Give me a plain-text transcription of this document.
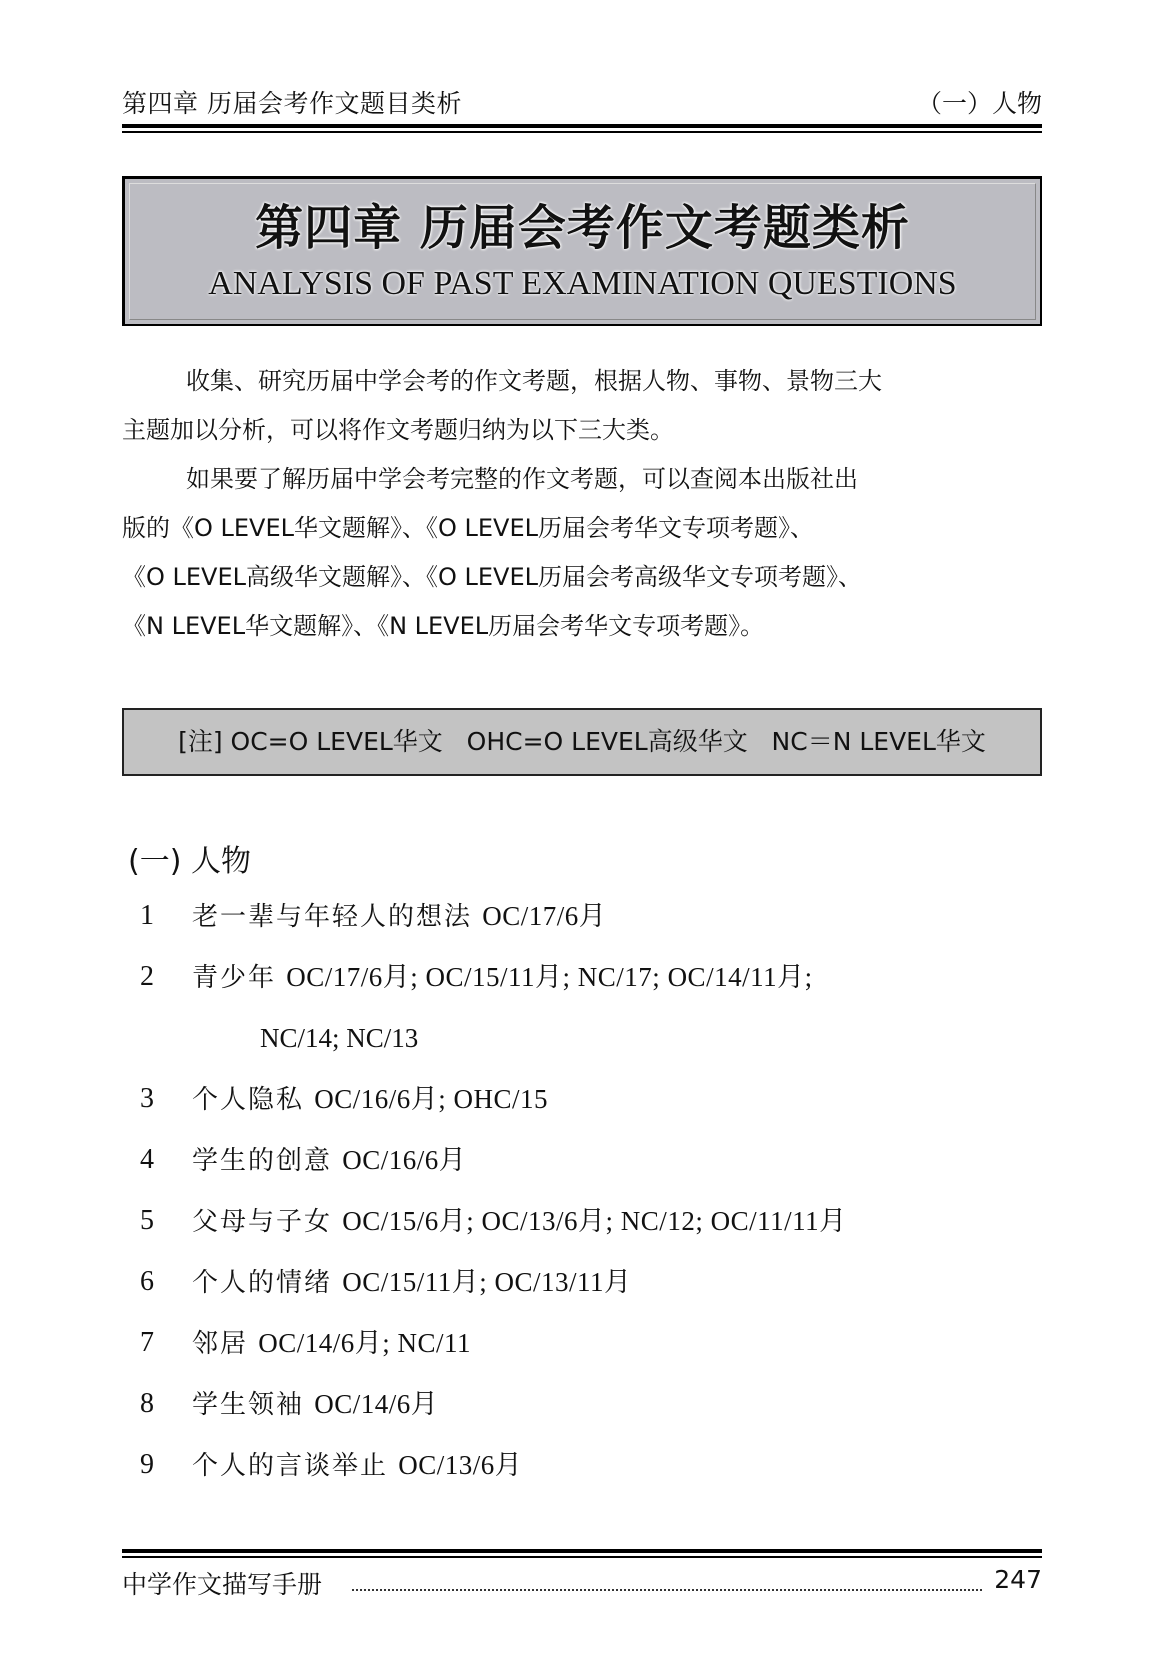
第四章 历届会考作文题目类析	（一）人物
第四章 历届会考作文考题类析
ANALYSIS OF PAST EXAMINATION QUESTIONS
收集、研究历届中学会考的作文考题，根据人物、事物、景物三大
主题加以分析，可以将作文考题归纳为以下三大类。
如果要了解历届中学会考完整的作文考题，可以查阅本出版社出
版的《O LEVEL华文题解》、《O LEVEL历届会考华文专项考题》、
《O LEVEL高级华文题解》、《O LEVEL历届会考高级华文专项考题》、
《N LEVEL华文题解》、《N LEVEL历届会考华文专项考题》。
[注] OC=O LEVEL华文   OHC=O LEVEL高级华文   NC＝N LEVEL华文
(一) 人物
1 老一辈与年轻人的想法 OC/17/6月
2 青少年 OC/17/6月; OC/15/11月; NC/17; OC/14/11月;
NC/14; NC/13
3 个人隐私 OC/16/6月; OHC/15
4 学生的创意 OC/16/6月
5 父母与子女 OC/15/6月; OC/13/6月; NC/12; OC/11/11月
6 个人的情绪 OC/15/11月; OC/13/11月
7 邻居 OC/14/6月; NC/11
8 学生领袖 OC/14/6月
9 个人的言谈举止 OC/13/6月
中学作文描写手册	247
